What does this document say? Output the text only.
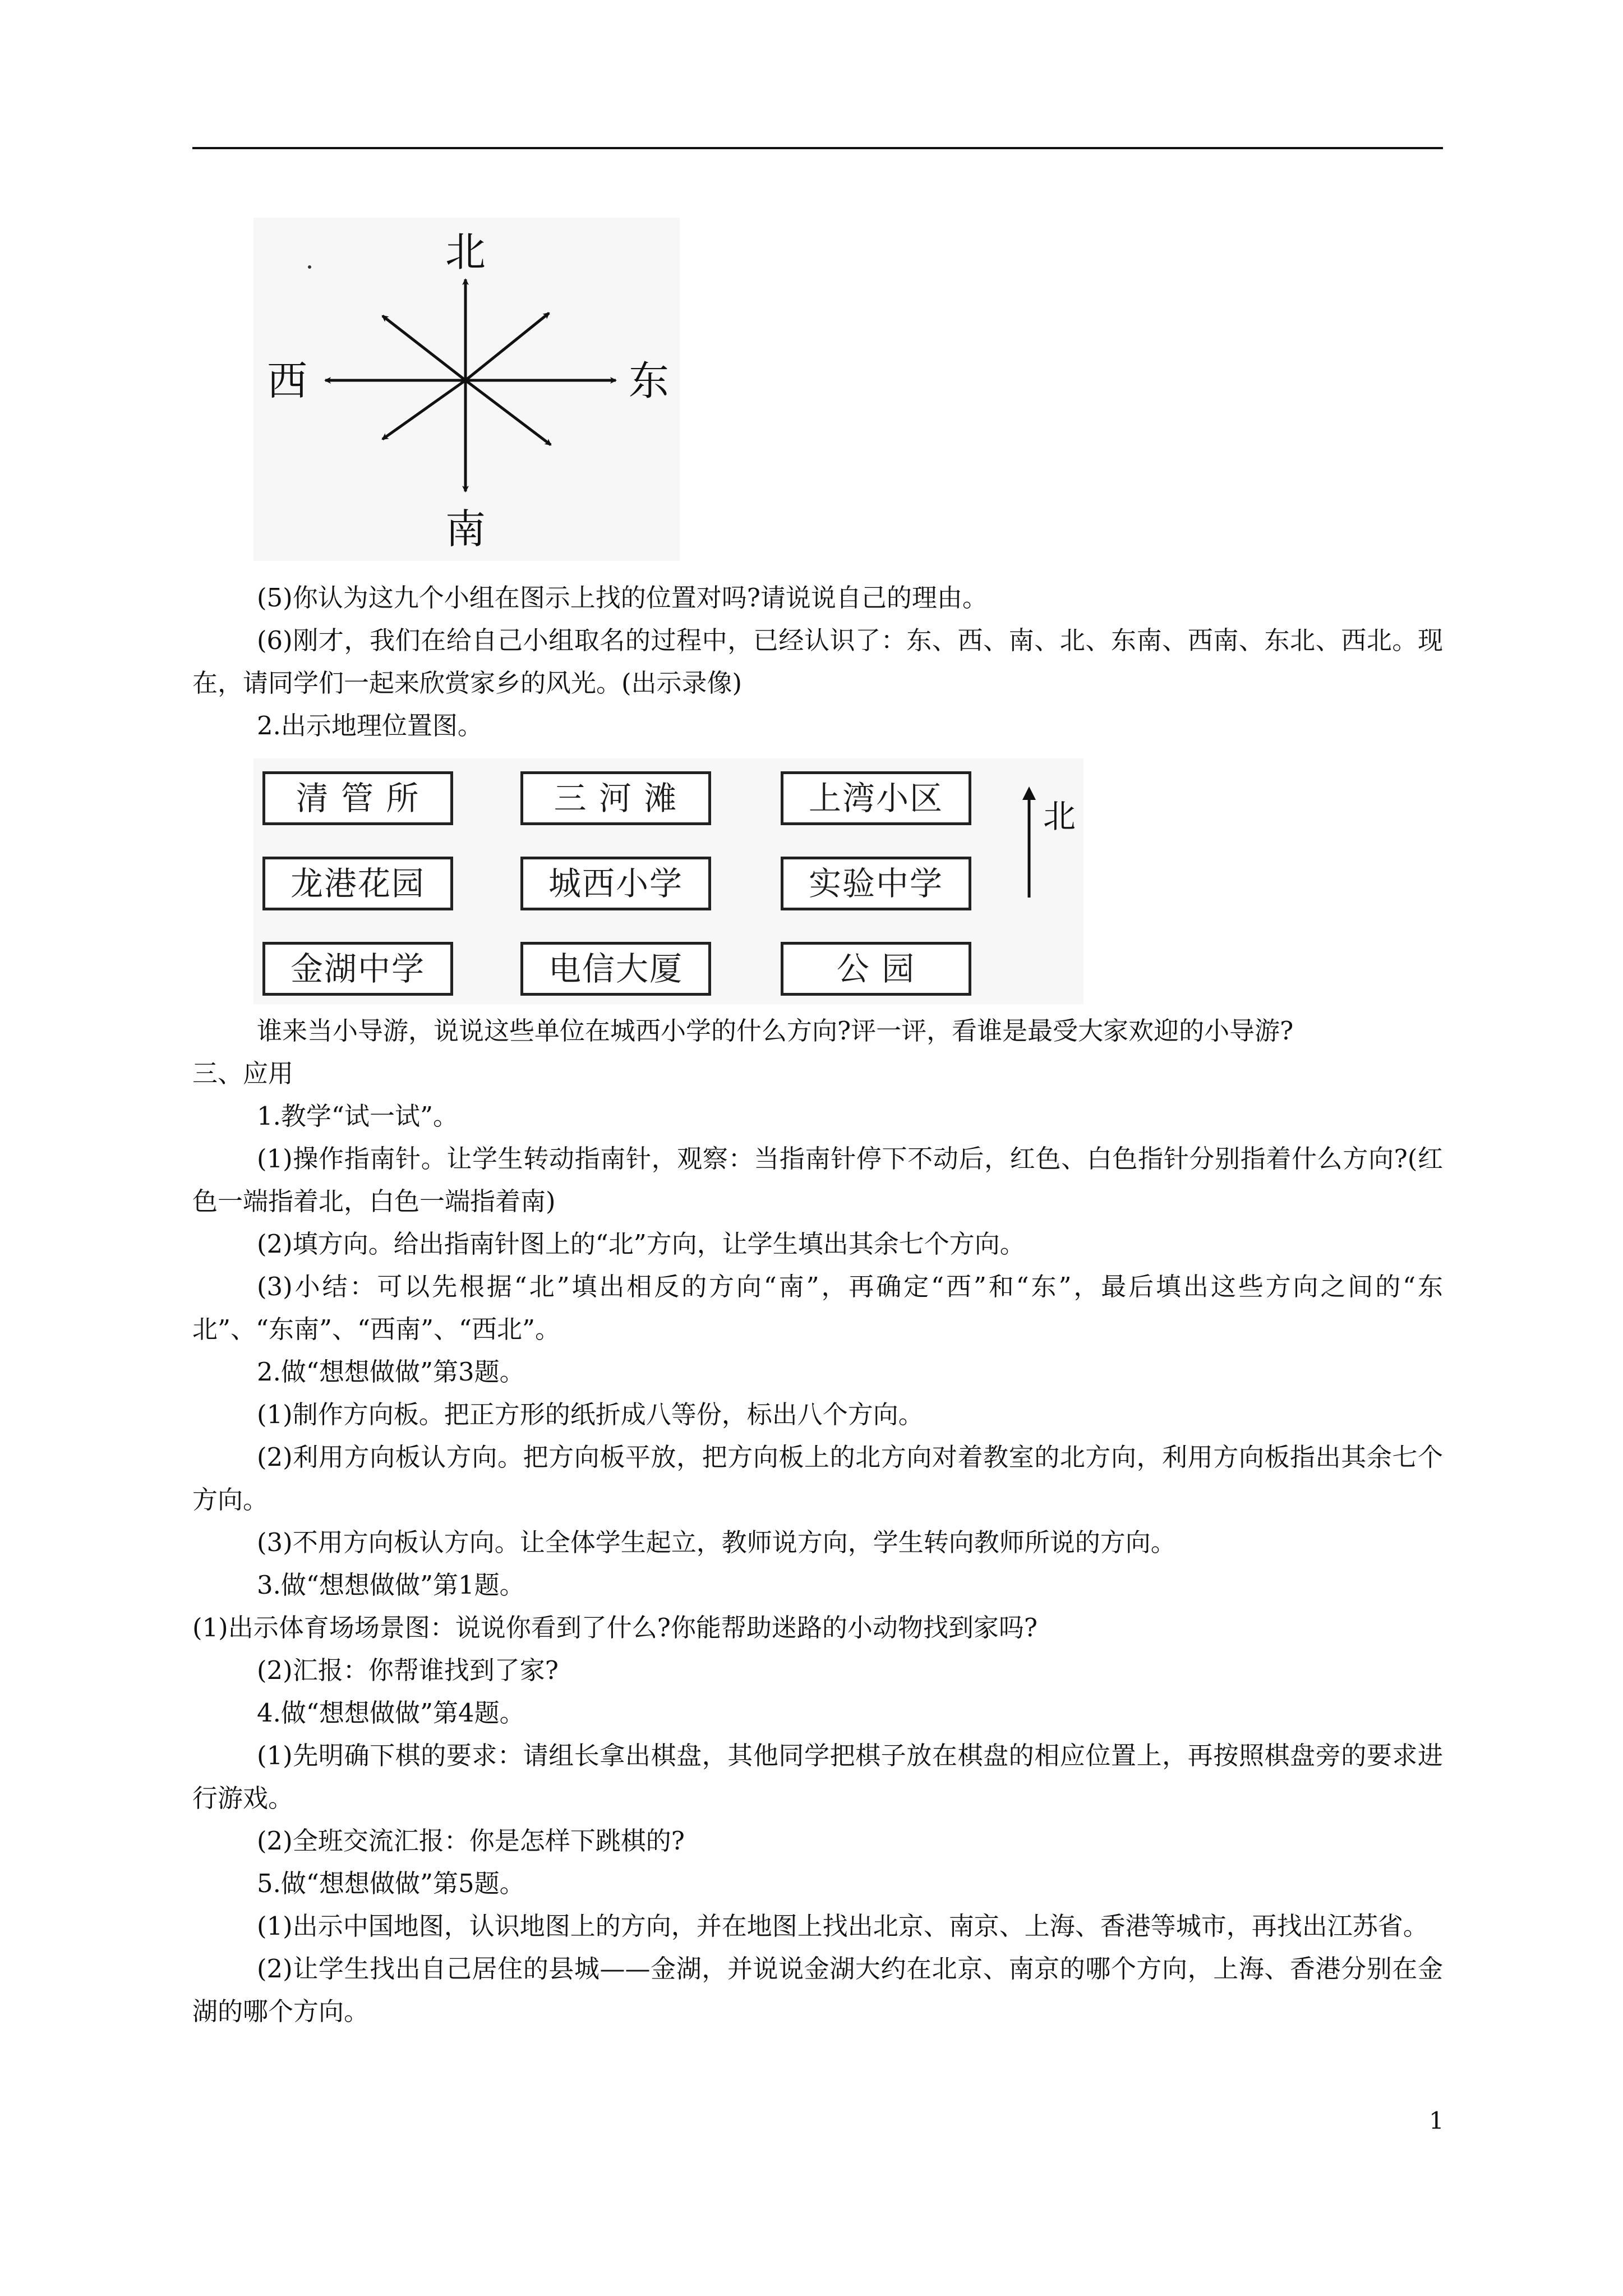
北
南
西	东

(5)你认为这九个小组在图示上找的位置对吗?请说说自己的理由。

(6)刚才，我们在给自己小组取名的过程中，已经认识了：东、西、南、北、东南、西南、东北、西北。现在，请同学们一起来欣赏家乡的风光。(出示录像)

2.出示地理位置图。

清 管 所	三 河 滩	上湾小区
龙港花园	城西小学	实验中学
金湖中学	电信大厦	公 园
北

谁来当小导游，说说这些单位在城西小学的什么方向?评一评，看谁是最受大家欢迎的小导游?

三、应用

1.教学“试一试”。

(1)操作指南针。让学生转动指南针，观察：当指南针停下不动后，红色、白色指针分别指着什么方向?(红色一端指着北，白色一端指着南)

(2)填方向。给出指南针图上的“北”方向，让学生填出其余七个方向。

(3)小结：可以先根据“北”填出相反的方向“南”，再确定“西”和“东”，最后填出这些方向之间的“东北”、“东南”、“西南”、“西北”。

2.做“想想做做”第3题。

(1)制作方向板。把正方形的纸折成八等份，标出八个方向。

(2)利用方向板认方向。把方向板平放，把方向板上的北方向对着教室的北方向，利用方向板指出其余七个方向。

(3)不用方向板认方向。让全体学生起立，教师说方向，学生转向教师所说的方向。

3.做“想想做做”第1题。

(1)出示体育场场景图：说说你看到了什么?你能帮助迷路的小动物找到家吗?

(2)汇报：你帮谁找到了家?

4.做“想想做做”第4题。

(1)先明确下棋的要求：请组长拿出棋盘，其他同学把棋子放在棋盘的相应位置上，再按照棋盘旁的要求进行游戏。

(2)全班交流汇报：你是怎样下跳棋的?

5.做“想想做做”第5题。

(1)出示中国地图，认识地图上的方向，并在地图上找出北京、南京、上海、香港等城市，再找出江苏省。

(2)让学生找出自己居住的县城——金湖，并说说金湖大约在北京、南京的哪个方向，上海、香港分别在金湖的哪个方向。

1
